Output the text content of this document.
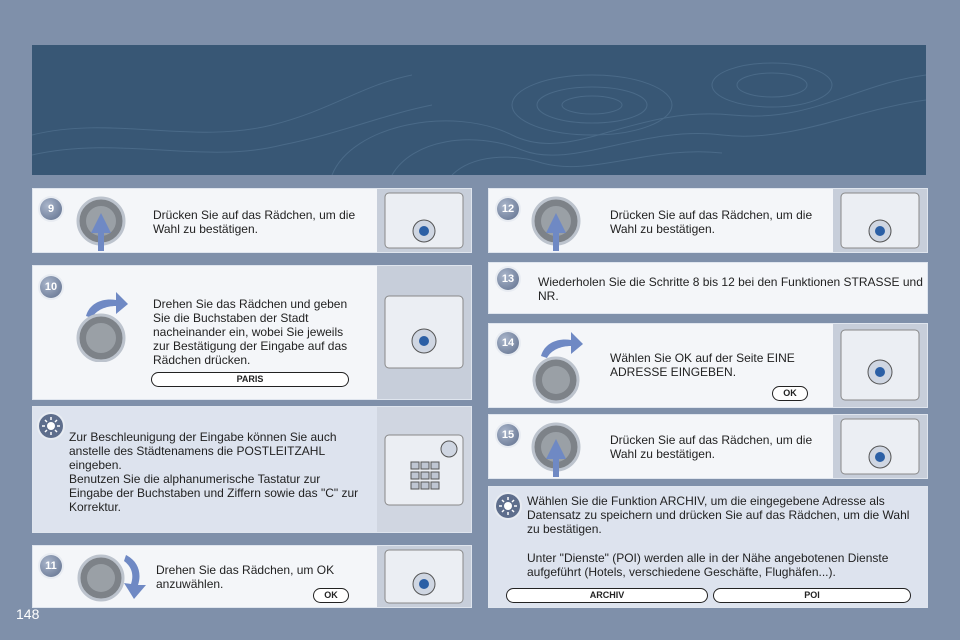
9	Drücken Sie auf das Rädchen, um die Wahl zu bestätigen.
10
Drehen Sie das Rädchen und geben Sie die Buchstaben der Stadt nacheinander ein, wobei Sie jeweils zur Bestätigung der Eingabe auf das Rädchen drücken.
PARIS
Zur Beschleunigung der Eingabe können Sie auch anstelle des Städtenamens die POSTLEITZAHL eingeben.
Benutzen Sie die alphanumerische Tastatur zur Eingabe der Buchstaben und Ziffern sowie das "C" zur Korrektur.
11	Drehen Sie das Rädchen, um OK anzuwählen.
OK
12	Drücken Sie auf das Rädchen, um die Wahl zu bestätigen.
13	Wiederholen Sie die Schritte 8 bis 12 bei den Funktionen STRASSE und NR.
14
Wählen Sie OK auf der Seite EINE ADRESSE EINGEBEN.
OK
15	Drücken Sie auf das Rädchen, um die Wahl zu bestätigen.
Wählen Sie die Funktion ARCHIV, um die eingegebene Adresse als Datensatz zu speichern und drücken Sie auf das Rädchen, um die Wahl zu bestätigen.
Unter "Dienste" (POI) werden alle in der Nähe angebotenen Dienste aufgeführt (Hotels, verschiedene Geschäfte, Flughäfen...).
ARCHIV	POI
148
